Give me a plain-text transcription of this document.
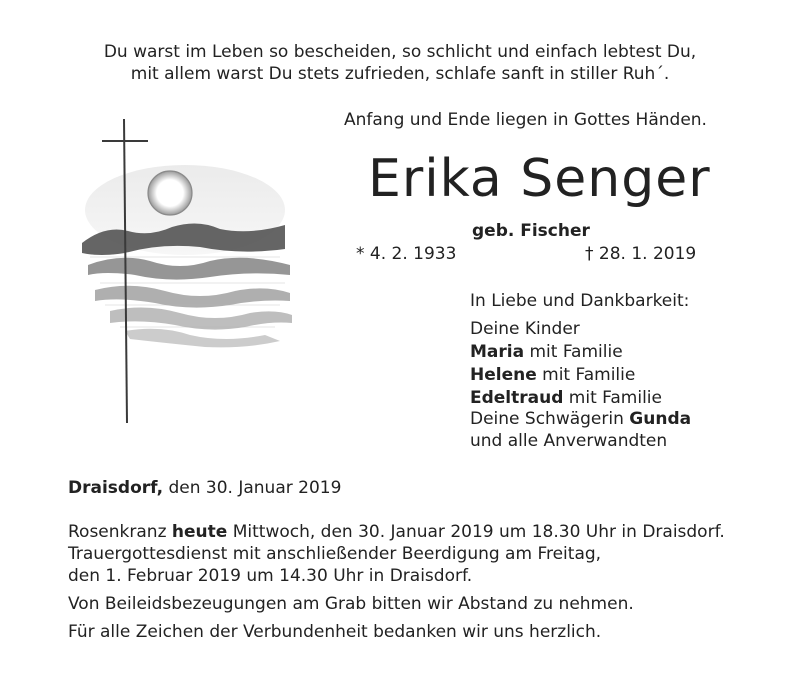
Du warst im Leben so bescheiden, so schlicht und einfach lebtest Du,
mit allem warst Du stets zufrieden, schlafe sanft in stiller Ruh´.
Anfang und Ende liegen in Gottes Händen.
Erika Senger
geb. Fischer
* 4. 2. 1933	† 28. 1. 2019
In Liebe und Dankbarkeit:
Deine Kinder
Maria mit Familie
Helene mit Familie
Edeltraud mit Familie
Deine Schwägerin Gunda
und alle Anverwandten
Draisdorf, den 30. Januar 2019
Rosenkranz heute Mittwoch, den 30. Januar 2019 um 18.30 Uhr in Draisdorf.
Trauergottesdienst mit anschließender Beerdigung am Freitag,
den 1. Februar 2019 um 14.30 Uhr in Draisdorf.
Von Beileidsbezeugungen am Grab bitten wir Abstand zu nehmen.
Für alle Zeichen der Verbundenheit bedanken wir uns herzlich.
